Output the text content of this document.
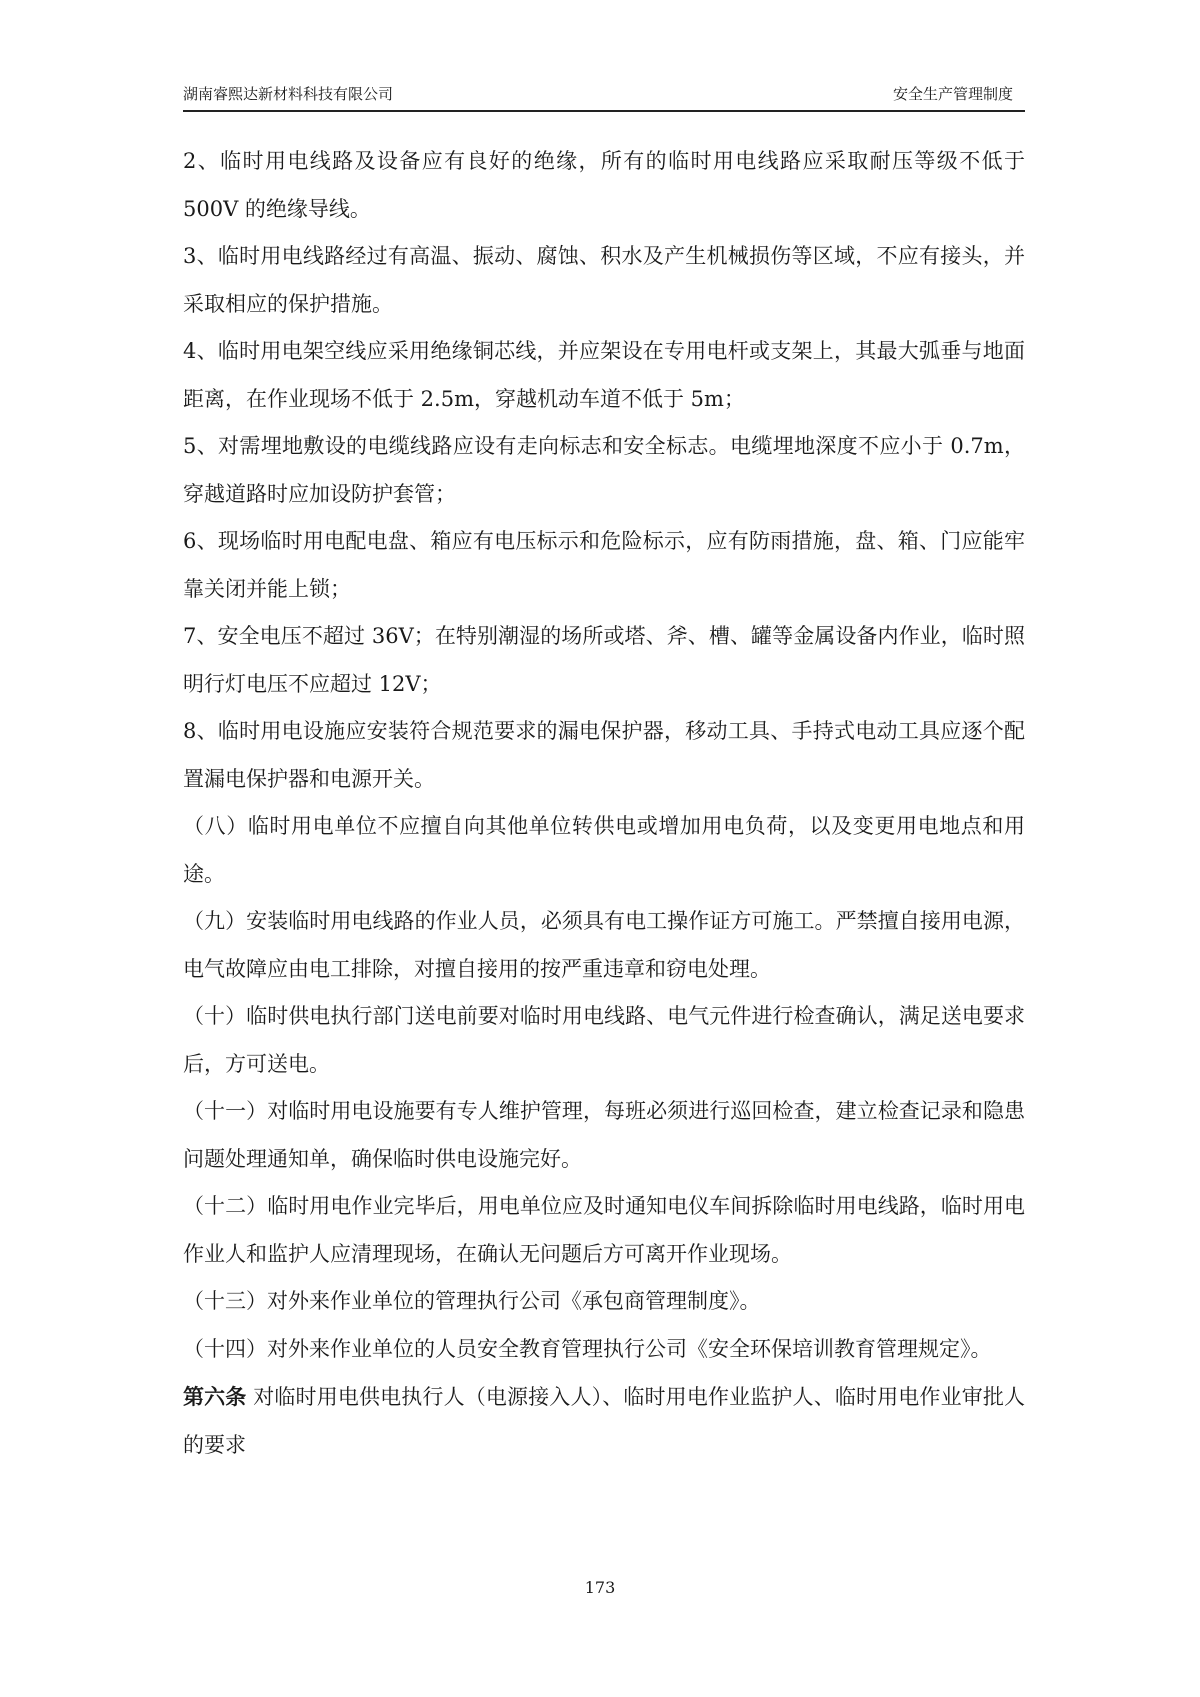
湖南睿熙达新材料科技有限公司	安全生产管理制度

2、临时用电线路及设备应有良好的绝缘，所有的临时用电线路应采取耐压等级不低于 500V 的绝缘导线。

3、临时用电线路经过有高温、振动、腐蚀、积水及产生机械损伤等区域，不应有接头，并采取相应的保护措施。

4、临时用电架空线应采用绝缘铜芯线，并应架设在专用电杆或支架上，其最大弧垂与地面距离，在作业现场不低于 2.5m，穿越机动车道不低于 5m；

5、对需埋地敷设的电缆线路应设有走向标志和安全标志。电缆埋地深度不应小于 0.7m，穿越道路时应加设防护套管；

6、现场临时用电配电盘、箱应有电压标示和危险标示，应有防雨措施，盘、箱、门应能牢靠关闭并能上锁；

7、安全电压不超过 36V；在特别潮湿的场所或塔、斧、槽、罐等金属设备内作业，临时照明行灯电压不应超过 12V；

8、临时用电设施应安装符合规范要求的漏电保护器，移动工具、手持式电动工具应逐个配置漏电保护器和电源开关。

（八）临时用电单位不应擅自向其他单位转供电或增加用电负荷，以及变更用电地点和用途。

（九）安装临时用电线路的作业人员，必须具有电工操作证方可施工。严禁擅自接用电源，电气故障应由电工排除，对擅自接用的按严重违章和窃电处理。

（十）临时供电执行部门送电前要对临时用电线路、电气元件进行检查确认，满足送电要求后，方可送电。

（十一）对临时用电设施要有专人维护管理，每班必须进行巡回检查，建立检查记录和隐患问题处理通知单，确保临时供电设施完好。

（十二）临时用电作业完毕后，用电单位应及时通知电仪车间拆除临时用电线路，临时用电作业人和监护人应清理现场，在确认无问题后方可离开作业现场。

（十三）对外来作业单位的管理执行公司《承包商管理制度》。

（十四）对外来作业单位的人员安全教育管理执行公司《安全环保培训教育管理规定》。

第六条 对临时用电供电执行人（电源接入人）、临时用电作业监护人、临时用电作业审批人的要求

173
